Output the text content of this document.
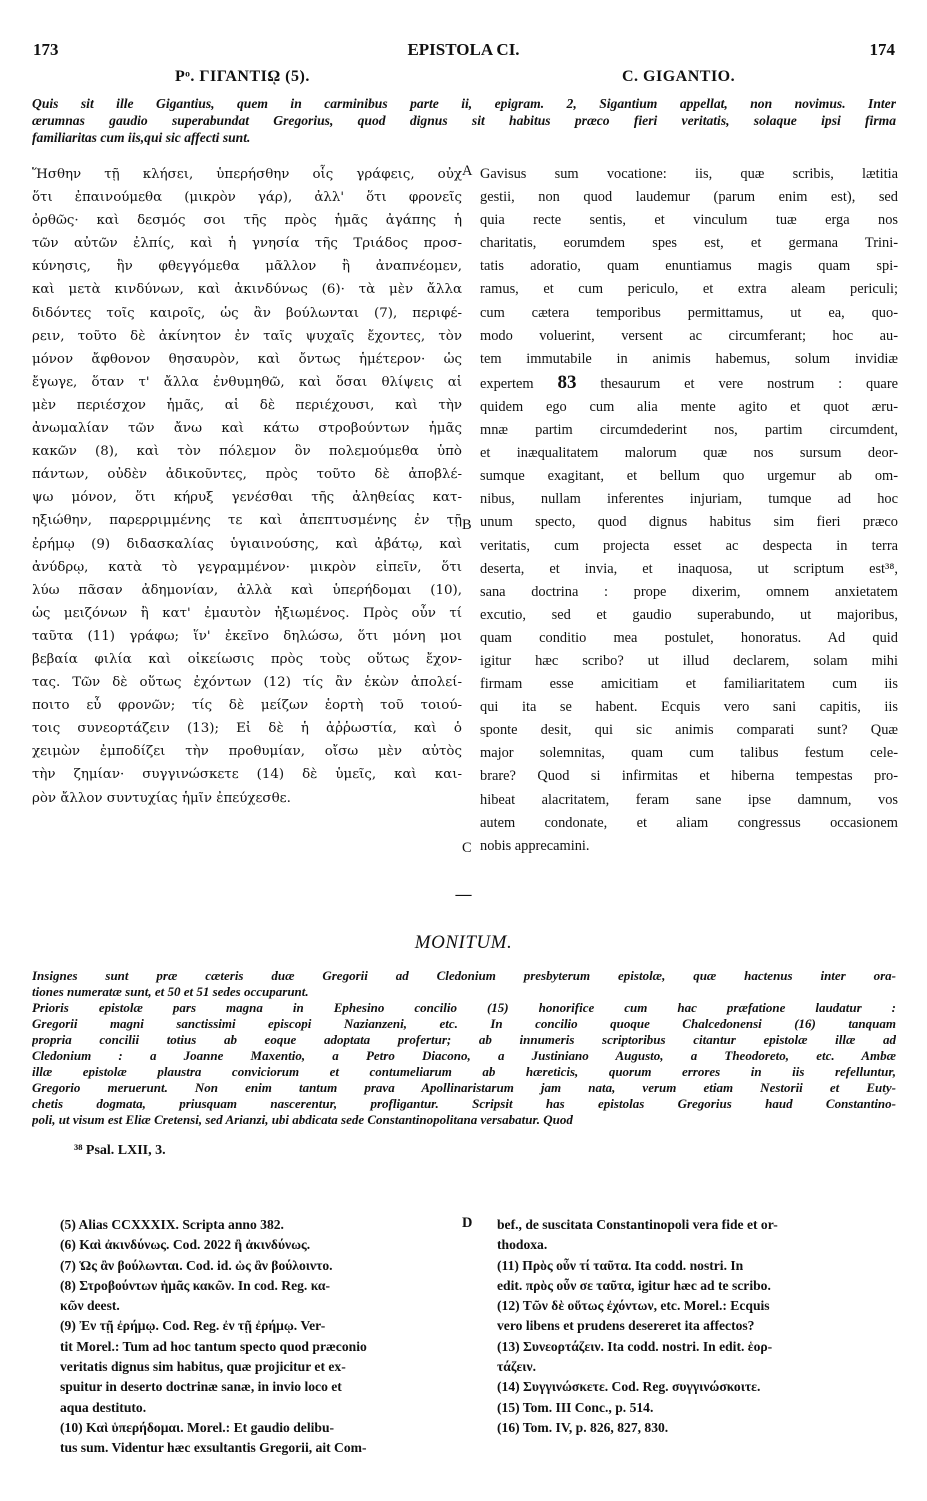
173	EPISTOLA CI.	174
Pᵒ. ΓΙΓΑΝΤΙῼ (5).	C. GIGANTIO.
Quis sit ille Gigantius, quem in carminibus parte ii, epigram. 2, Sigantium appellat, non novimus. Inter
ærumnas gaudio superabundat Gregorius, quod dignus sit habitus præco fieri veritatis, solaque ipsi firma
familiaritas cum iis,qui sic affecti sunt.
Ἥσθην τῇ κλήσει, ὑπερήσθην οἷς γράφεις, οὐχ
ὅτι ἐπαινούμεθα (μικρὸν γάρ), ἀλλ' ὅτι φρονεῖς
ὀρθῶς· καὶ δεσμός σοι τῆς πρὸς ἡμᾶς ἀγάπης ἡ
τῶν αὐτῶν ἐλπίς, καὶ ἡ γνησία τῆς Τριάδος προσ-
κύνησις, ἣν φθεγγόμεθα μᾶλλον ἢ ἀναπνέομεν,
καὶ μετὰ κινδύνων, καὶ ἀκινδύνως (6)· τὰ μὲν ἄλλα
διδόντες τοῖς καιροῖς, ὡς ἂν βούλωνται (7), περιφέ-
ρειν, τοῦτο δὲ ἀκίνητον ἐν ταῖς ψυχαῖς ἔχοντες, τὸν
μόνον ἄφθονον θησαυρὸν, καὶ ὄντως ἡμέτερον· ὡς
ἔγωγε, ὅταν τ' ἄλλα ἐνθυμηθῶ, καὶ ὅσαι θλίψεις αἱ
μὲν περιέσχον ἡμᾶς, αἱ δὲ περιέχουσι, καὶ τὴν
ἀνωμαλίαν τῶν ἄνω καὶ κάτω στροβούντων ἡμᾶς
κακῶν (8), καὶ τὸν πόλεμον ὃν πολεμούμεθα ὑπὸ
πάντων, οὐδὲν ἀδικοῦντες, πρὸς τοῦτο δὲ ἀποβλέ-
ψω μόνον, ὅτι κήρυξ γενέσθαι τῆς ἀληθείας κατ-
ηξιώθην, παρερριμμένης τε καὶ ἀπεπτυσμένης ἐν τῇ
ἐρήμῳ (9) διδασκαλίας ὑγιαινούσης, καὶ ἀβάτῳ, καὶ
ἀνύδρῳ, κατὰ τὸ γεγραμμένον· μικρὸν εἰπεῖν, ὅτι
λύω πᾶσαν ἀδημονίαν, ἀλλὰ καὶ ὑπερήδομαι (10),
ὡς μειζόνων ἢ κατ' ἐμαυτὸν ἠξιωμένος. Πρὸς οὖν τί
ταῦτα (11) γράφω; ἵν' ἐκεῖνο δηλώσω, ὅτι μόνη μοι
βεβαία φιλία καὶ οἰκείωσις πρὸς τοὺς οὕτως ἔχον-
τας. Τῶν δὲ οὕτως ἐχόντων (12) τίς ἂν ἑκὼν ἀπολεί-
ποιτο εὖ φρονῶν; τίς δὲ μείζων ἑορτὴ τοῦ τοιού-
τοις συνεορτάζειν (13); Εἰ δὲ ἡ ἀῤῥωστία, καὶ ὁ
χειμὼν ἐμποδίζει τὴν προθυμίαν, οἴσω μὲν αὐτὸς
τὴν ζημίαν· συγγινώσκετε (14) δὲ ὑμεῖς, καὶ και-
ρὸν ἄλλον συντυχίας ἡμῖν ἐπεύχεσθε.
Gavisus sum vocatione: iis, quæ scribis, lætitia
gestii, non quod laudemur (parum enim est), sed
quia recte sentis, et vinculum tuæ erga nos
charitatis, eorumdem spes est, et germana Trini-
tatis adoratio, quam enuntiamus magis quam spi-
ramus, et cum periculo, et extra aleam periculi;
cum cætera temporibus permittamus, ut ea, quo-
modo voluerint, versent ac circumferant; hoc au-
tem immutabile in animis habemus, solum invidiæ
expertem 83 thesaurum et vere nostrum : quare
quidem ego cum alia mente agito et quot æru-
mnæ partim circumdederint nos, partim circumdent,
et inæqualitatem malorum quæ nos sursum deor-
sumque exagitant, et bellum quo urgemur ab om-
nibus, nullam inferentes injuriam, tumque ad hoc
unum specto, quod dignus habitus sim fieri præco
veritatis, cum projecta esset ac despecta in terra
deserta, et invia, et inaquosa, ut scriptum est³⁸,
sana doctrina : prope dixerim, omnem anxietatem
excutio, sed et gaudio superabundo, ut majoribus,
quam conditio mea postulet, honoratus. Ad quid
igitur hæc scribo? ut illud declarem, solam mihi
firmam esse amicitiam et familiaritatem cum iis
qui ita se habent. Ecquis vero sani capitis, iis
sponte desit, qui sic animis comparati sunt? Quæ
major solemnitas, quam cum talibus festum cele-
brare? Quod si infirmitas et hiberna tempestas pro-
hibeat alacritatem, feram sane ipse damnum, vos
autem condonate, et aliam congressus occasionem
nobis apprecamini.
A
B
C
—
MONITUM.
Insignes sunt præ cæteris duæ Gregorii ad Cledonium presbyterum epistolæ, quæ hactenus inter ora-
tiones numeratæ sunt, et 50 et 51 sedes occuparunt.
Prioris epistolæ pars magna in Ephesino concilio (15) honorifice cum hac præfatione laudatur :
Gregorii magni sanctissimi episcopi Nazianzeni, etc. In concilio quoque Chalcedonensi (16) tanquam
propria concilii totius ab eoque adoptata profertur; ab innumeris scriptoribus citantur epistolæ illæ ad
Cledonium : a Joanne Maxentio, a Petro Diacono, a Justiniano Augusto, a Theodoreto, etc. Ambæ
illæ epistolæ plaustra conviciorum et contumeliarum ab hæreticis, quorum errores in iis refelluntur,
Gregorio meruerunt. Non enim tantum prava Apollinaristarum jam nata, verum etiam Nestorii et Euty-
chetis dogmata, priusquam nascerentur, profligantur. Scripsit has epistolas Gregorius haud Constantino-
poli, ut visum est Eliæ Cretensi, sed Arianzi, ubi abdicata sede Constantinopolitana versabatur. Quod
³⁸ Psal. LXII, 3.
(5) Alias CCXXXIX. Scripta anno 382.
(6) Καὶ ἀκινδύνως. Cod. 2022 ἢ ἀκινδύνως.
(7) Ὡς ἂν βούλωνται. Cod. id. ὡς ἂν βούλοιντο.
(8) Στροβούντων ἡμᾶς κακῶν. In cod. Reg. κα-
κῶν deest.
(9) Ἐν τῇ ἐρήμῳ. Cod. Reg. ἐν τῇ ἐρήμῳ. Ver-
tit Morel.: Tum ad hoc tantum specto quod præconio
veritatis dignus sim habitus, quæ projicitur et ex-
spuitur in deserto doctrinæ sanæ, in invio loco et
aqua destituto.
(10) Καὶ ὑπερήδομαι. Morel.: Et gaudio delibu-
tus sum. Videntur hæc exsultantis Gregorii, ait Com-
D bef., de suscitata Constantinopoli vera fide et or-
thodoxa.
(11) Πρὸς οὖν τί ταῦτα. Ita codd. nostri. In
edit. πρὸς οὖν σε ταῦτα, igitur hæc ad te scribo.
(12) Τῶν δὲ οὕτως ἐχόντων, etc. Morel.: Ecquis
vero libens et prudens desereret ita affectos?
(13) Συνεορτάζειν. Ita codd. nostri. In edit. ἑορ-
τάζειν.
(14) Συγγινώσκετε. Cod. Reg. συγγινώσκοιτε.
(15) Tom. III Conc., p. 514.
(16) Tom. IV, p. 826, 827, 830.
